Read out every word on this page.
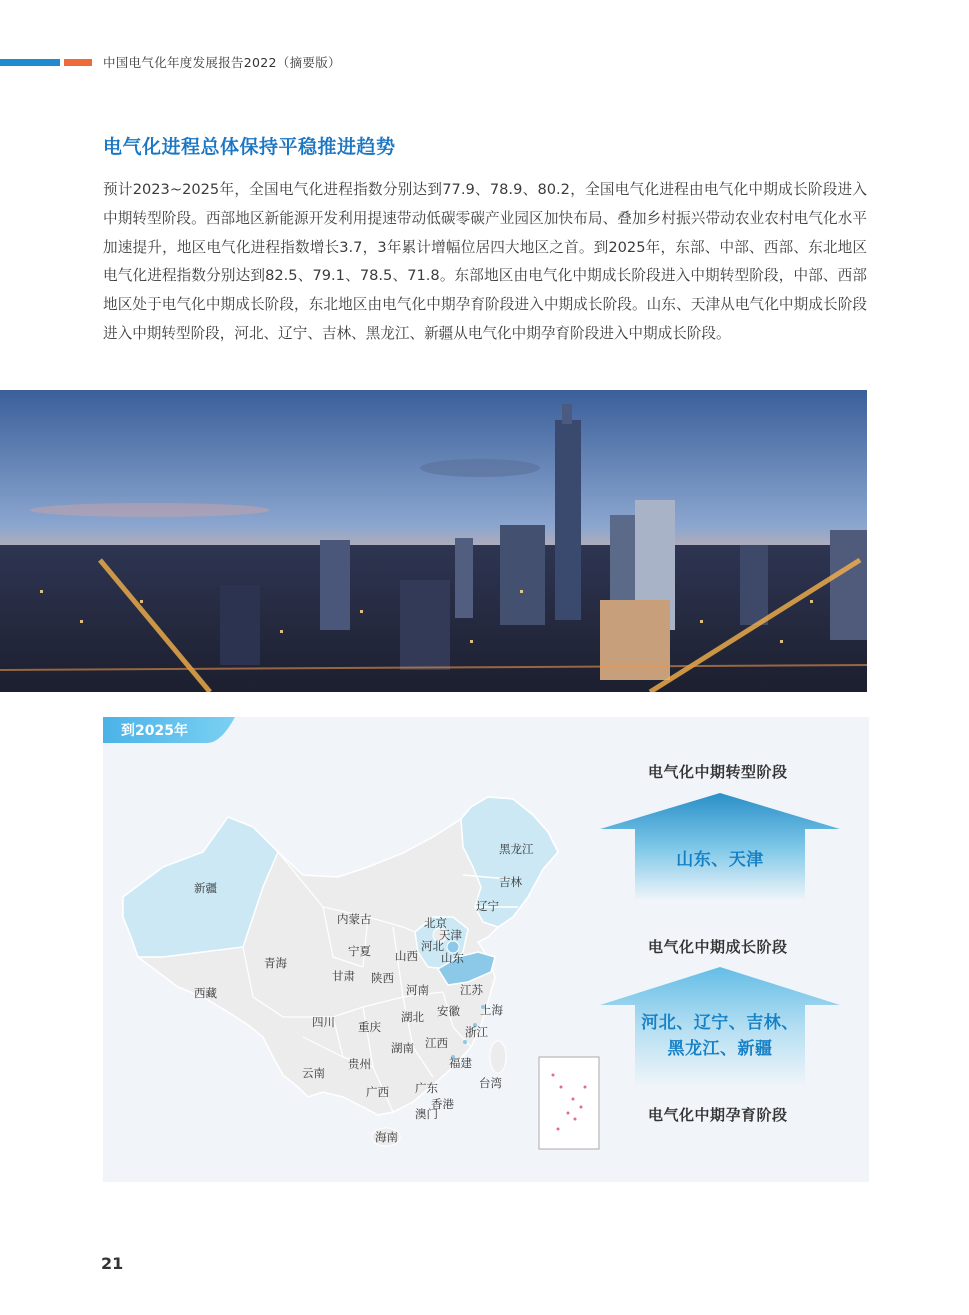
中国电气化年度发展报告2022（摘要版）
电气化进程总体保持平稳推进趋势
预计2023~2025年，全国电气化进程指数分别达到77.9、78.9、80.2，全国电气化进程由电气化中期成长阶段进入中期转型阶段。西部地区新能源开发利用提速带动低碳零碳产业园区加快布局、叠加乡村振兴带动农业农村电气化水平加速提升，地区电气化进程指数增长3.7，3年累计增幅位居四大地区之首。到2025年，东部、中部、西部、东北地区电气化进程指数分别达到82.5、79.1、78.5、71.8。东部地区由电气化中期成长阶段进入中期转型阶段，中部、西部地区处于电气化中期成长阶段，东北地区由电气化中期孕育阶段进入中期成长阶段。山东、天津从电气化中期成长阶段进入中期转型阶段，河北、辽宁、吉林、黑龙江、新疆从电气化中期孕育阶段进入中期成长阶段。
到2025年
新疆
西藏
青海
内蒙古
甘肃
宁夏
陕西
山西
黑龙江
吉林
辽宁
北京
天津
河北
山东
河南	江苏
安徽 上海
四川 重庆
湖北
浙江
湖南 江西
贵州
云南
福建
广西 广东	台湾
香港
澳门
海南
电气化中期转型阶段
山东、天津
电气化中期成长阶段
河北、辽宁、吉林、
黑龙江、新疆
电气化中期孕育阶段
21
